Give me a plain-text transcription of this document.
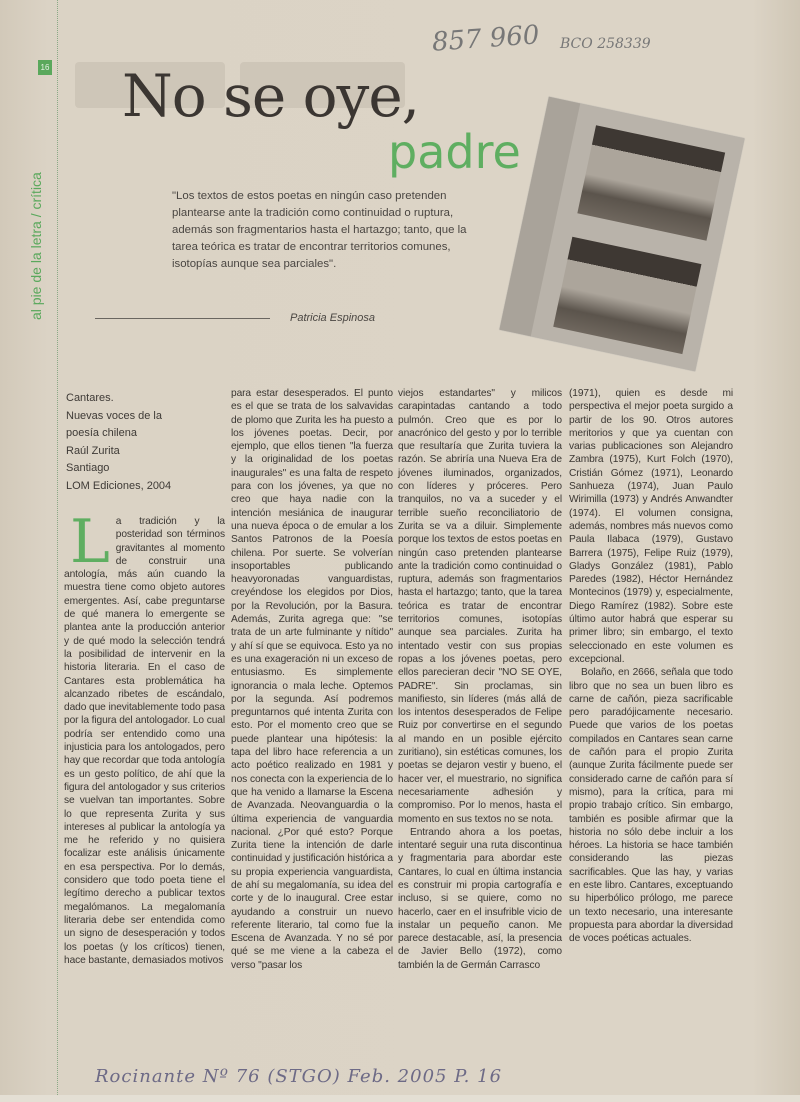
857 960 BCO 258339
16
al pie de la letra / crítica
No se oye,
padre
"Los textos de estos poetas en ningún caso pretenden plantearse ante la tradición como continuidad o ruptura, además son fragmentarios hasta el hartazgo; tanto, que la tarea teórica es tratar de encontrar territorios comunes, isotopías aunque sea parciales".
Patricia Espinosa
Cantares.
Nuevas voces de la
poesía chilena
Raúl Zurita
Santiago
LOM Ediciones, 2004
L a tradición y la posteridad son términos gravitantes al momento de construir una antología, más aún cuando la muestra tiene como objeto autores emergentes. Así, cabe preguntarse de qué manera lo emergente se plantea ante la producción anterior y de qué modo la selección tendrá la posibilidad de intervenir en la historia literaria. En el caso de Cantares esta problemática ha alcanzado ribetes de escándalo, dado que inevitablemente todo pasa por la figura del antologador. Lo cual podría ser entendido como una injusticia para los antologados, pero hay que recordar que toda antología es un gesto político, de ahí que la figura del antologador y sus criterios se vuelvan tan importantes. Sobre lo que representa Zurita y sus intereses al publicar la antología ya me he referido y no quisiera focalizar este análisis únicamente en esa perspectiva. Por lo demás, considero que todo poeta tiene el legítimo derecho a publicar textos megalómanos. La megalomanía literaria debe ser entendida como un signo de desesperación y todos los poetas (y los críticos) tienen, hace bastante, demasiados motivos

para estar desesperados. El punto es el que se trata de los salvavidas de plomo que Zurita les ha puesto a los jóvenes poetas. Decir, por ejemplo, que ellos tienen "la fuerza y la originalidad de los poetas inaugurales" es una falta de respeto para con los jóvenes, ya que no creo que haya nadie con la intención mesiánica de inaugurar una nueva época o de emular a los Santos Patronos de la Poesía chilena. Por suerte. Se volverían insoportables publicando heavyoronadas vanguardistas, creyéndose los elegidos por Dios, por la Revolución, por la Basura. Además, Zurita agrega que: "se trata de un arte fulminante y nítido" y ahí sí que se equivoca. Esto ya no es una exageración ni un exceso de entusiasmo. Es simplemente ignorancia o mala leche. Optemos por la segunda. Así podremos preguntarnos qué intenta Zurita con esto. Por el momento creo que se puede plantear una hipótesis: la tapa del libro hace referencia a un acto poético realizado en 1981 y nos conecta con la experiencia de lo que ha venido a llamarse la Escena de Avanzada. Neovanguardia o la última experiencia de vanguardia nacional. ¿Por qué esto? Porque Zurita tiene la intención de darle continuidad y justificación histórica a su propia experiencia vanguardista, de ahí su megalomanía, su idea del corte y de lo inaugural. Cree estar ayudando a construir un nuevo referente literario, tal como fue la Escena de Avanzada. Y no sé por qué se me viene a la cabeza el verso "pasar los

viejos estandartes" y milicos carapintadas cantando a todo pulmón. Creo que es por lo anacrónico del gesto y por lo terrible que resultaría que Zurita tuviera la razón. Se abriría una Nueva Era de jóvenes iluminados, organizados, con líderes y próceres. Pero tranquilos, no va a suceder y el terrible sueño reconciliatorio de Zurita se va a diluir. Simplemente porque los textos de estos poetas en ningún caso pretenden plantearse ante la tradición como continuidad o ruptura, además son fragmentarios hasta el hartazgo; tanto, que la tarea teórica es tratar de encontrar territorios comunes, isotopías aunque sea parciales. Zurita ha intentado vestir con sus propias ropas a los jóvenes poetas, pero ellos parecieran decir "NO SE OYE, PADRE". Sin proclamas, sin manifiesto, sin líderes (más allá de los intentos desesperados de Felipe Ruiz por convertirse en el segundo al mando en un posible ejército zuritiano), sin estéticas comunes, los poetas se dejaron vestir y bueno, el hacer ver, el muestrario, no significa necesariamente adhesión y compromiso. Por lo menos, hasta el momento en sus textos no se nota.

Entrando ahora a los poetas, intentaré seguir una ruta discontinua y fragmentaria para abordar este Cantares, lo cual en última instancia es construir mi propia cartografía e incluso, si se quiere, como no hacerlo, caer en el insufrible vicio de instalar un pequeño canon. Me parece destacable, así, la presencia de Javier Bello (1972), como también la de Germán Carrasco

(1971), quien es desde mi perspectiva el mejor poeta surgido a partir de los 90. Otros autores meritorios y que ya cuentan con varias publicaciones son Alejandro Zambra (1975), Kurt Folch (1970), Cristián Gómez (1971), Leonardo Sanhueza (1974), Juan Paulo Wirimilla (1973) y Andrés Anwandter (1974). El volumen consigna, además, nombres más nuevos como Paula Ilabaca (1979), Gustavo Barrera (1975), Felipe Ruiz (1979), Gladys González (1981), Pablo Paredes (1982), Héctor Hernández Montecinos (1979) y, especialmente, Diego Ramírez (1982). Sobre este último autor habrá que esperar su primer libro; sin embargo, el texto seleccionado en este volumen es excepcional.

Bolaño, en 2666, señala que todo libro que no sea un buen libro es carne de cañón, pieza sacrificable pero paradójicamente necesario. Puede que varios de los poetas compilados en Cantares sean carne de cañón para el propio Zurita (aunque Zurita fácilmente puede ser considerado carne de cañón para sí mismo), para la crítica, para mi propio trabajo crítico. Sin embargo, también es posible afirmar que la historia no sólo debe incluir a los héroes. La historia se hace también considerando las piezas sacrificables. Que las hay, y varias en este libro. Cantares, exceptuando su hiperbólico prólogo, me parece un texto necesario, una interesante propuesta para abordar la diversidad de voces poéticas actuales.

Rocinante Nº 76 (STGO) Feb. 2005 P. 16
